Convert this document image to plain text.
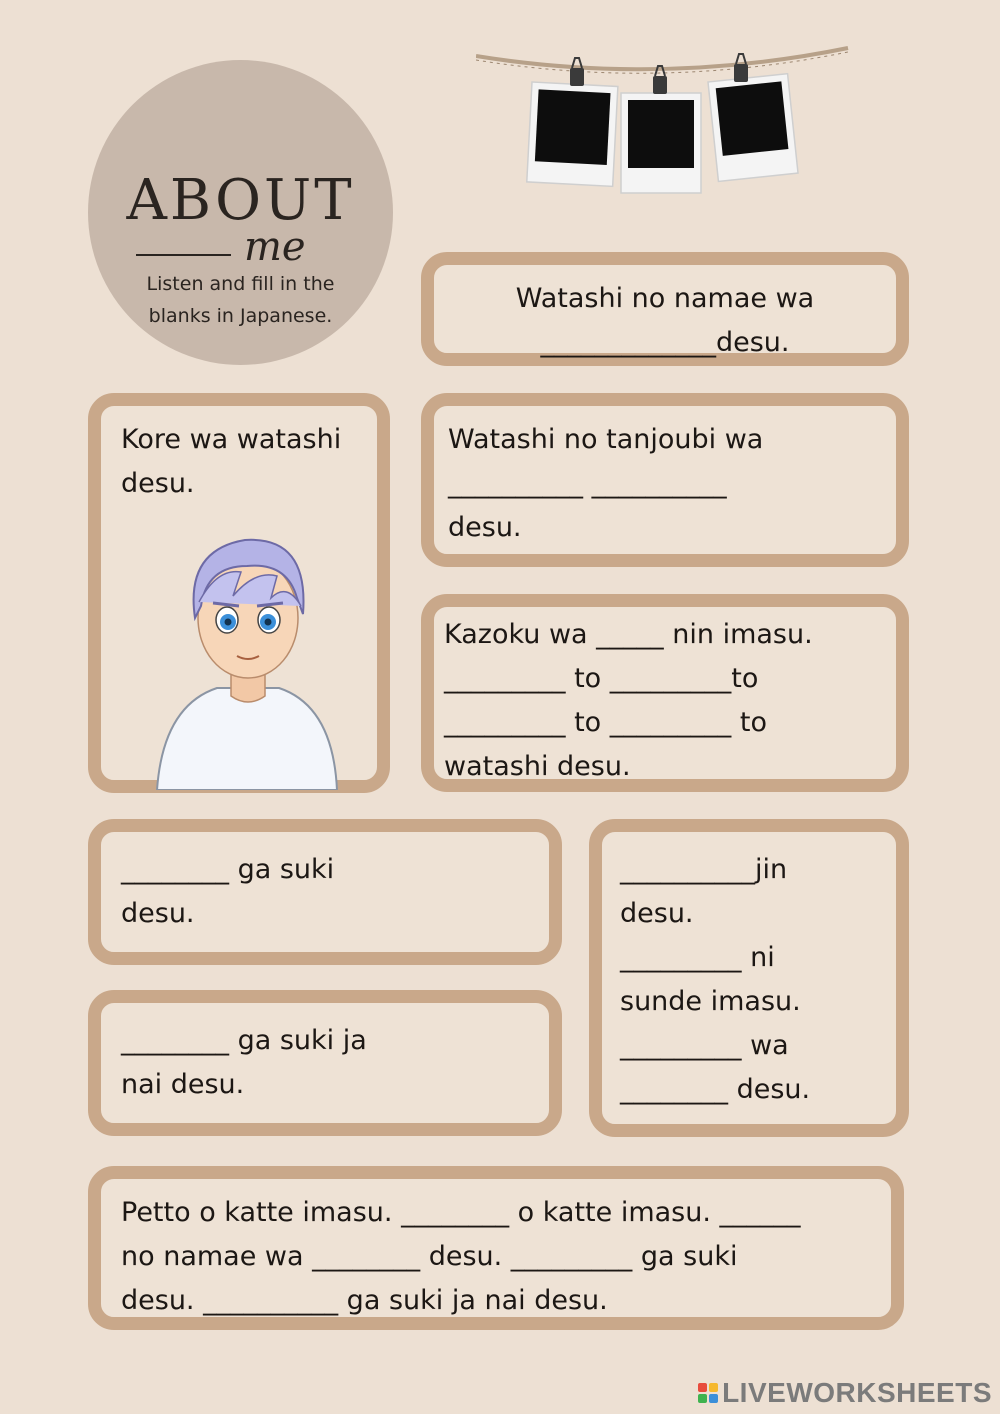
ABOUT
me
Listen and fill in the
blanks in Japanese.
Watashi no namae wa
_____________desu.
Kore wa watashi
desu.
Watashi no tanjoubi wa
__________ __________
desu.
Kazoku wa _____ nin imasu.
_________ to _________to
_________ to _________ to
watashi desu.
________ ga suki
desu.
________ ga suki ja
nai desu.
__________jin
desu.
_________ ni
sunde imasu.
_________ wa
________ desu.
Petto o katte imasu. ________ o katte imasu. ______
no namae wa ________ desu. _________ ga suki
desu. __________ ga suki ja nai desu.
LIVEWORKSHEETS
